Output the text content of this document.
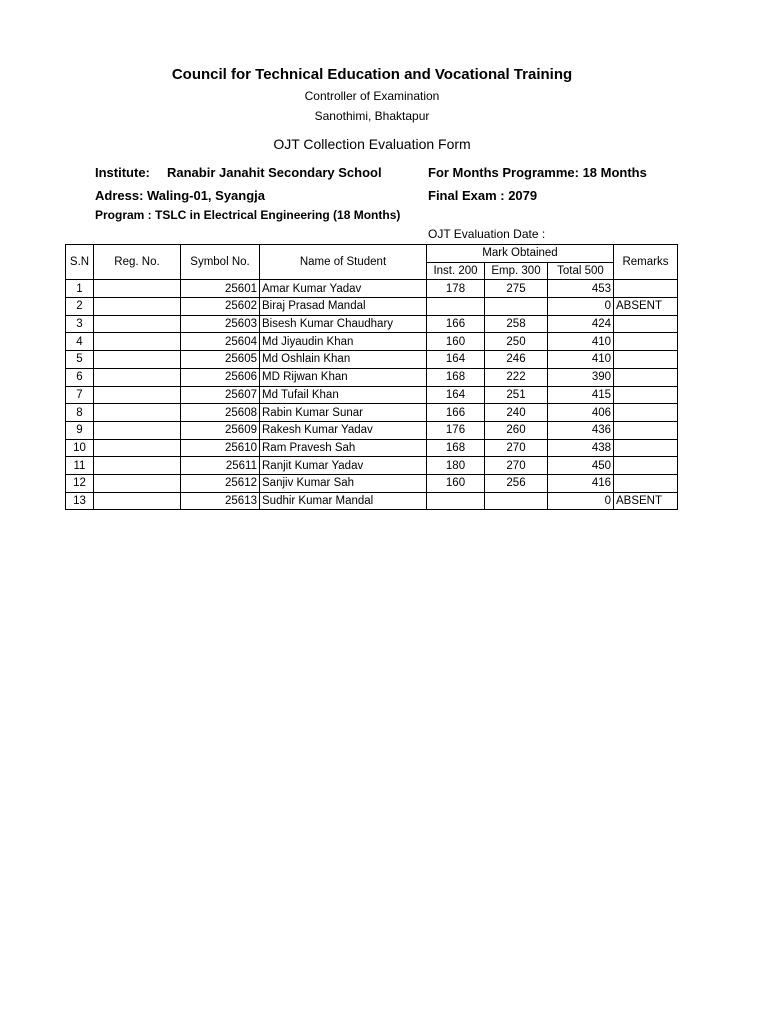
Council for Technical Education and Vocational Training
Controller of Examination
Sanothimi, Bhaktapur
OJT Collection Evaluation Form
Institute: Ranabir Janahit Secondary School	For Months Programme: 18 Months
Adress: Waling-01, Syangja	Final Exam : 2079
Program : TSLC in Electrical Engineering (18 Months)
OJT Evaluation Date :
S.N	Reg. No.	Symbol No.	Name of Student	Mark Obtained			Remarks
				Inst. 200	Emp. 300	Total 500	
1		25601	Amar Kumar Yadav	178	275	453	
2		25602	Biraj Prasad Mandal			0	ABSENT
3		25603	Bisesh Kumar Chaudhary	166	258	424	
4		25604	Md Jiyaudin Khan	160	250	410	
5		25605	Md Oshlain Khan	164	246	410	
6		25606	MD Rijwan Khan	168	222	390	
7		25607	Md Tufail Khan	164	251	415	
8		25608	Rabin Kumar Sunar	166	240	406	
9		25609	Rakesh Kumar Yadav	176	260	436	
10		25610	Ram Pravesh Sah	168	270	438	
11		25611	Ranjit Kumar Yadav	180	270	450	
12		25612	Sanjiv Kumar Sah	160	256	416	
13		25613	Sudhir Kumar Mandal			0	ABSENT
